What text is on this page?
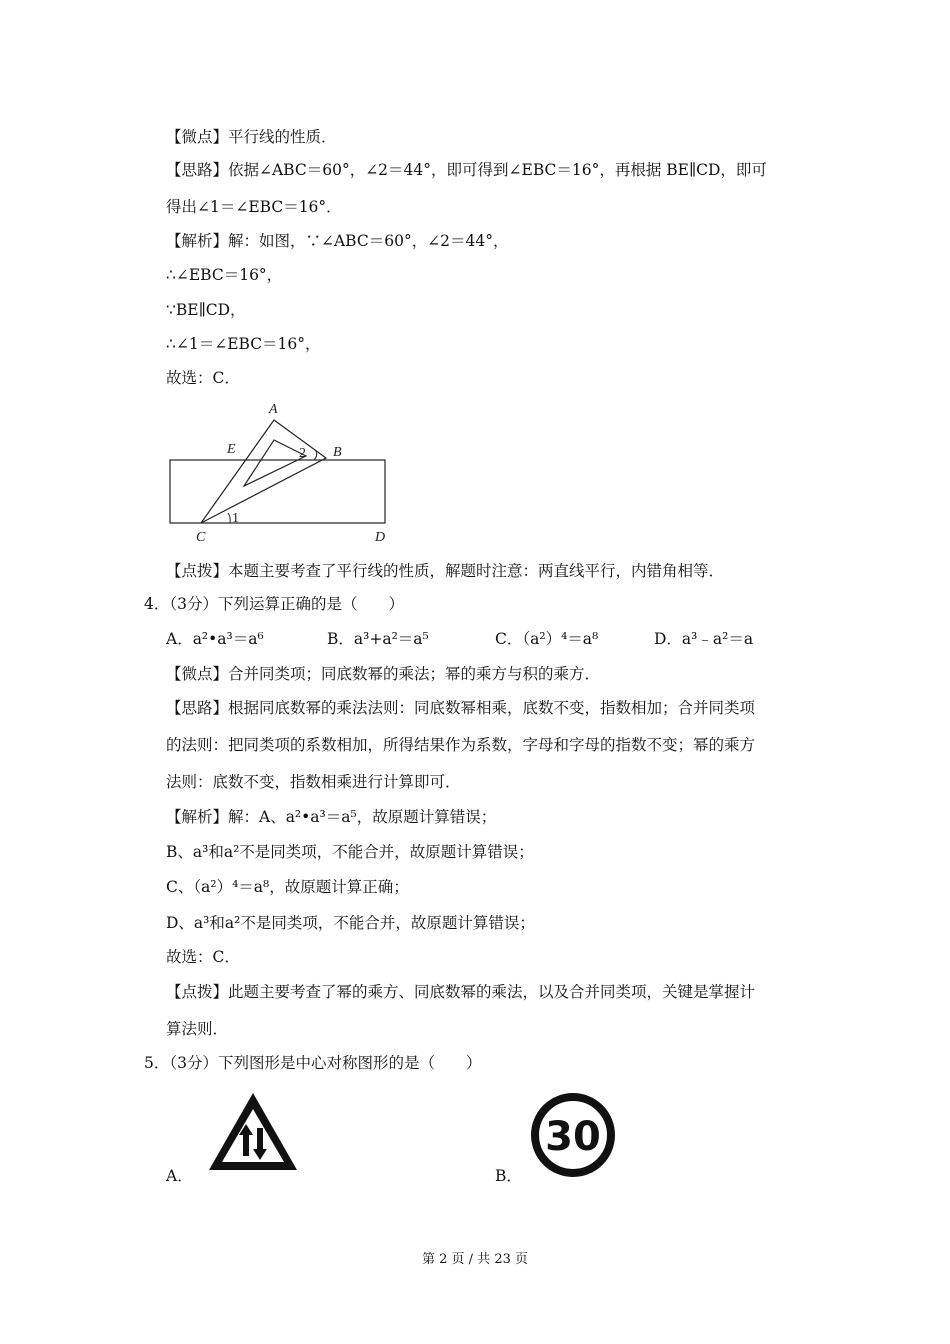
【微点】平行线的性质．
【思路】依据∠ABC＝60°，∠2＝44°，即可得到∠EBC＝16°，再根据 BE∥CD，即可
得出∠1＝∠EBC＝16°．
【解析】解：如图，∵∠ABC＝60°，∠2＝44°，
∴∠EBC＝16°，
∵BE∥CD，
∴∠1＝∠EBC＝16°，
故选：C．
A
E	2 B
1
C	D
【点拨】本题主要考查了平行线的性质，解题时注意：两直线平行，内错角相等．
4．（3分）下列运算正确的是（　　）
A．a²•a³＝a⁶	B．a³+a²＝a⁵	C．（a²）⁴＝a⁸	D．a³﹣a²＝a
【微点】合并同类项；同底数幂的乘法；幂的乘方与积的乘方．
【思路】根据同底数幂的乘法法则：同底数幂相乘，底数不变，指数相加；合并同类项
的法则：把同类项的系数相加，所得结果作为系数，字母和字母的指数不变；幂的乘方
法则：底数不变，指数相乘进行计算即可．
【解析】解：A、a²•a³＝a⁵，故原题计算错误；
B、a³和a²不是同类项，不能合并，故原题计算错误；
C、（a²）⁴＝a⁸，故原题计算正确；
D、a³和a²不是同类项，不能合并，故原题计算错误；
故选：C．
【点拨】此题主要考查了幂的乘方、同底数幂的乘法，以及合并同类项，关键是掌握计
算法则．
5．（3分）下列图形是中心对称图形的是（　　）
A．	B．
30
第 2 页 / 共 23 页
